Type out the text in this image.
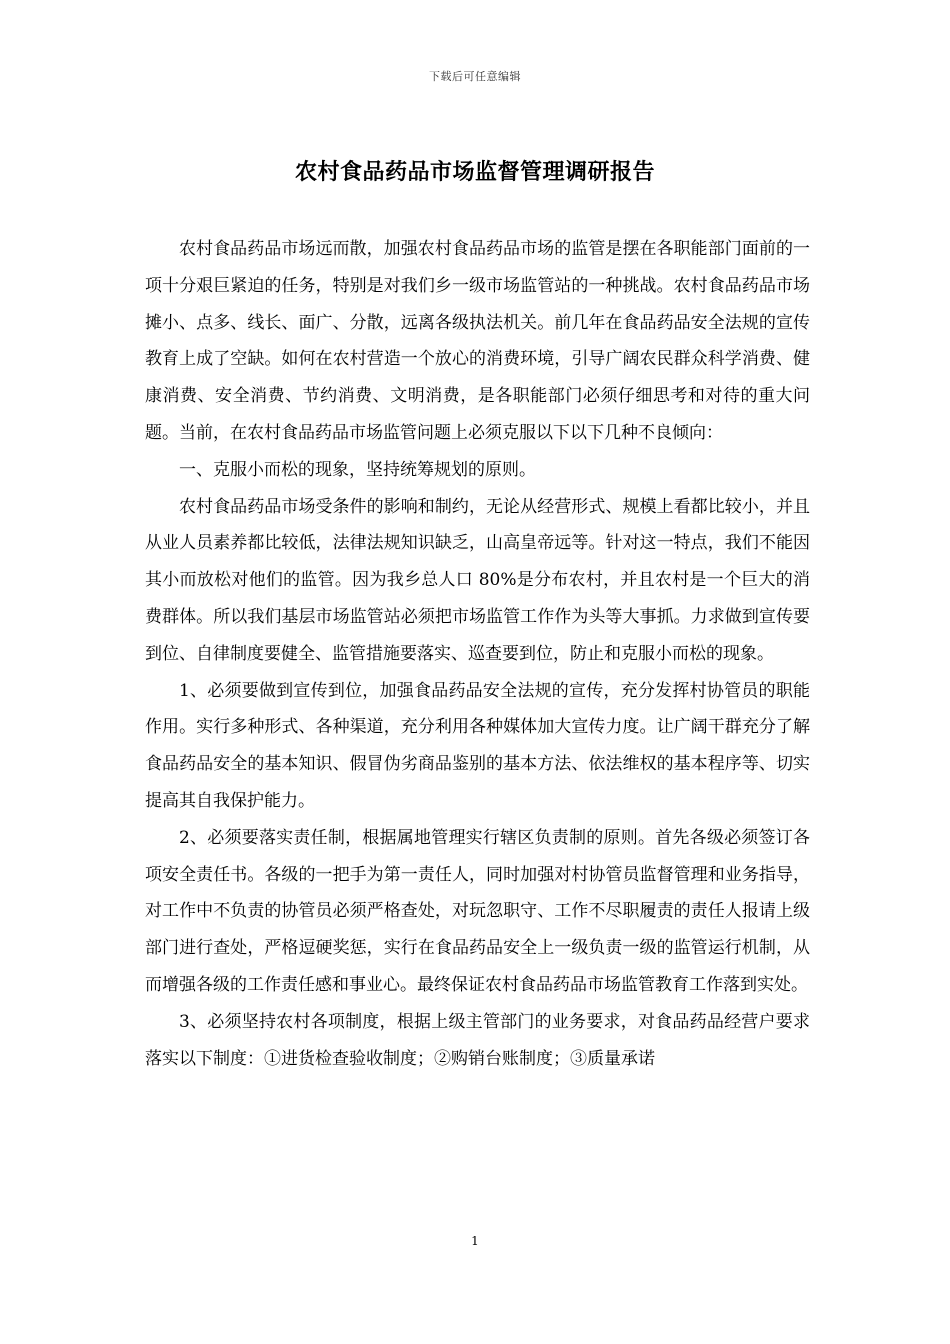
下载后可任意编辑
农村食品药品市场监督管理调研报告

农村食品药品市场远而散，加强农村食品药品市场的监管是摆在各职能部门面前的一项十分艰巨紧迫的任务，特别是对我们乡一级市场监管站的一种挑战。农村食品药品市场摊小、点多、线长、面广、分散，远离各级执法机关。前几年在食品药品安全法规的宣传教育上成了空缺。如何在农村营造一个放心的消费环境，引导广阔农民群众科学消费、健康消费、安全消费、节约消费、文明消费，是各职能部门必须仔细思考和对待的重大问题。当前，在农村食品药品市场监管问题上必须克服以下以下几种不良倾向：

一、克服小而松的现象，坚持统筹规划的原则。

农村食品药品市场受条件的影响和制约，无论从经营形式、规模上看都比较小，并且从业人员素养都比较低，法律法规知识缺乏，山高皇帝远等。针对这一特点，我们不能因其小而放松对他们的监管。因为我乡总人口 80%是分布农村，并且农村是一个巨大的消费群体。所以我们基层市场监管站必须把市场监管工作作为头等大事抓。力求做到宣传要到位、自律制度要健全、监管措施要落实、巡查要到位，防止和克服小而松的现象。

1、必须要做到宣传到位，加强食品药品安全法规的宣传，充分发挥村协管员的职能作用。实行多种形式、各种渠道，充分利用各种媒体加大宣传力度。让广阔干群充分了解食品药品安全的基本知识、假冒伪劣商品鉴别的基本方法、依法维权的基本程序等、切实提高其自我保护能力。

2、必须要落实责任制，根据属地管理实行辖区负责制的原则。首先各级必须签订各项安全责任书。各级的一把手为第一责任人，同时加强对村协管员监督管理和业务指导，对工作中不负责的协管员必须严格查处，对玩忽职守、工作不尽职履责的责任人报请上级部门进行查处，严格逗硬奖惩，实行在食品药品安全上一级负责一级的监管运行机制，从而增强各级的工作责任感和事业心。最终保证农村食品药品市场监管教育工作落到实处。

3、必须坚持农村各项制度，根据上级主管部门的业务要求，对食品药品经营户要求落实以下制度：①进货检查验收制度；②购销台账制度；③质量承诺

1
